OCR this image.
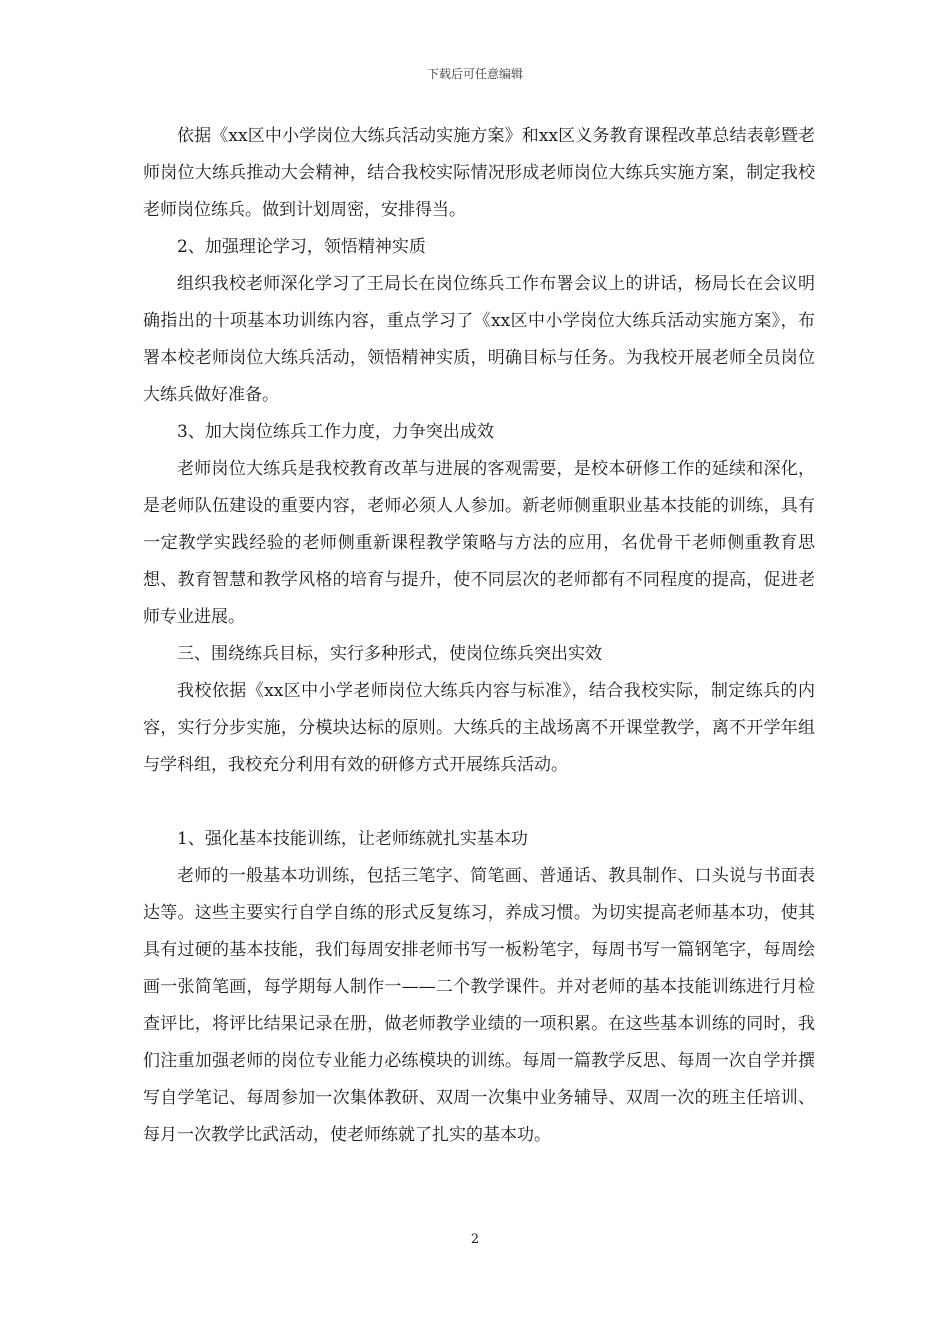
下载后可任意编辑

依据《xx区中小学岗位大练兵活动实施方案》和xx区义务教育课程改革总结表彰暨老师岗位大练兵推动大会精神，结合我校实际情况形成老师岗位大练兵实施方案，制定我校老师岗位练兵。做到计划周密，安排得当。

2、加强理论学习，领悟精神实质

组织我校老师深化学习了王局长在岗位练兵工作布署会议上的讲话，杨局长在会议明确指出的十项基本功训练内容，重点学习了《xx区中小学岗位大练兵活动实施方案》，布署本校老师岗位大练兵活动，领悟精神实质，明确目标与任务。为我校开展老师全员岗位大练兵做好准备。

3、加大岗位练兵工作力度，力争突出成效

老师岗位大练兵是我校教育改革与进展的客观需要，是校本研修工作的延续和深化，是老师队伍建设的重要内容，老师必须人人参加。新老师侧重职业基本技能的训练，具有一定教学实践经验的老师侧重新课程教学策略与方法的应用，名优骨干老师侧重教育思想、教育智慧和教学风格的培育与提升，使不同层次的老师都有不同程度的提高，促进老师专业进展。

三、围绕练兵目标，实行多种形式，使岗位练兵突出实效

我校依据《xx区中小学老师岗位大练兵内容与标准》，结合我校实际，制定练兵的内容，实行分步实施，分模块达标的原则。大练兵的主战场离不开课堂教学，离不开学年组与学科组，我校充分利用有效的研修方式开展练兵活动。

1、强化基本技能训练，让老师练就扎实基本功

老师的一般基本功训练，包括三笔字、简笔画、普通话、教具制作、口头说与书面表达等。这些主要实行自学自练的形式反复练习，养成习惯。为切实提高老师基本功，使其具有过硬的基本技能，我们每周安排老师书写一板粉笔字，每周书写一篇钢笔字，每周绘画一张简笔画，每学期每人制作一——二个教学课件。并对老师的基本技能训练进行月检查评比，将评比结果记录在册，做老师教学业绩的一项积累。在这些基本训练的同时，我们注重加强老师的岗位专业能力必练模块的训练。每周一篇教学反思、每周一次自学并撰写自学笔记、每周参加一次集体教研、双周一次集中业务辅导、双周一次的班主任培训、每月一次教学比武活动，使老师练就了扎实的基本功。

2
